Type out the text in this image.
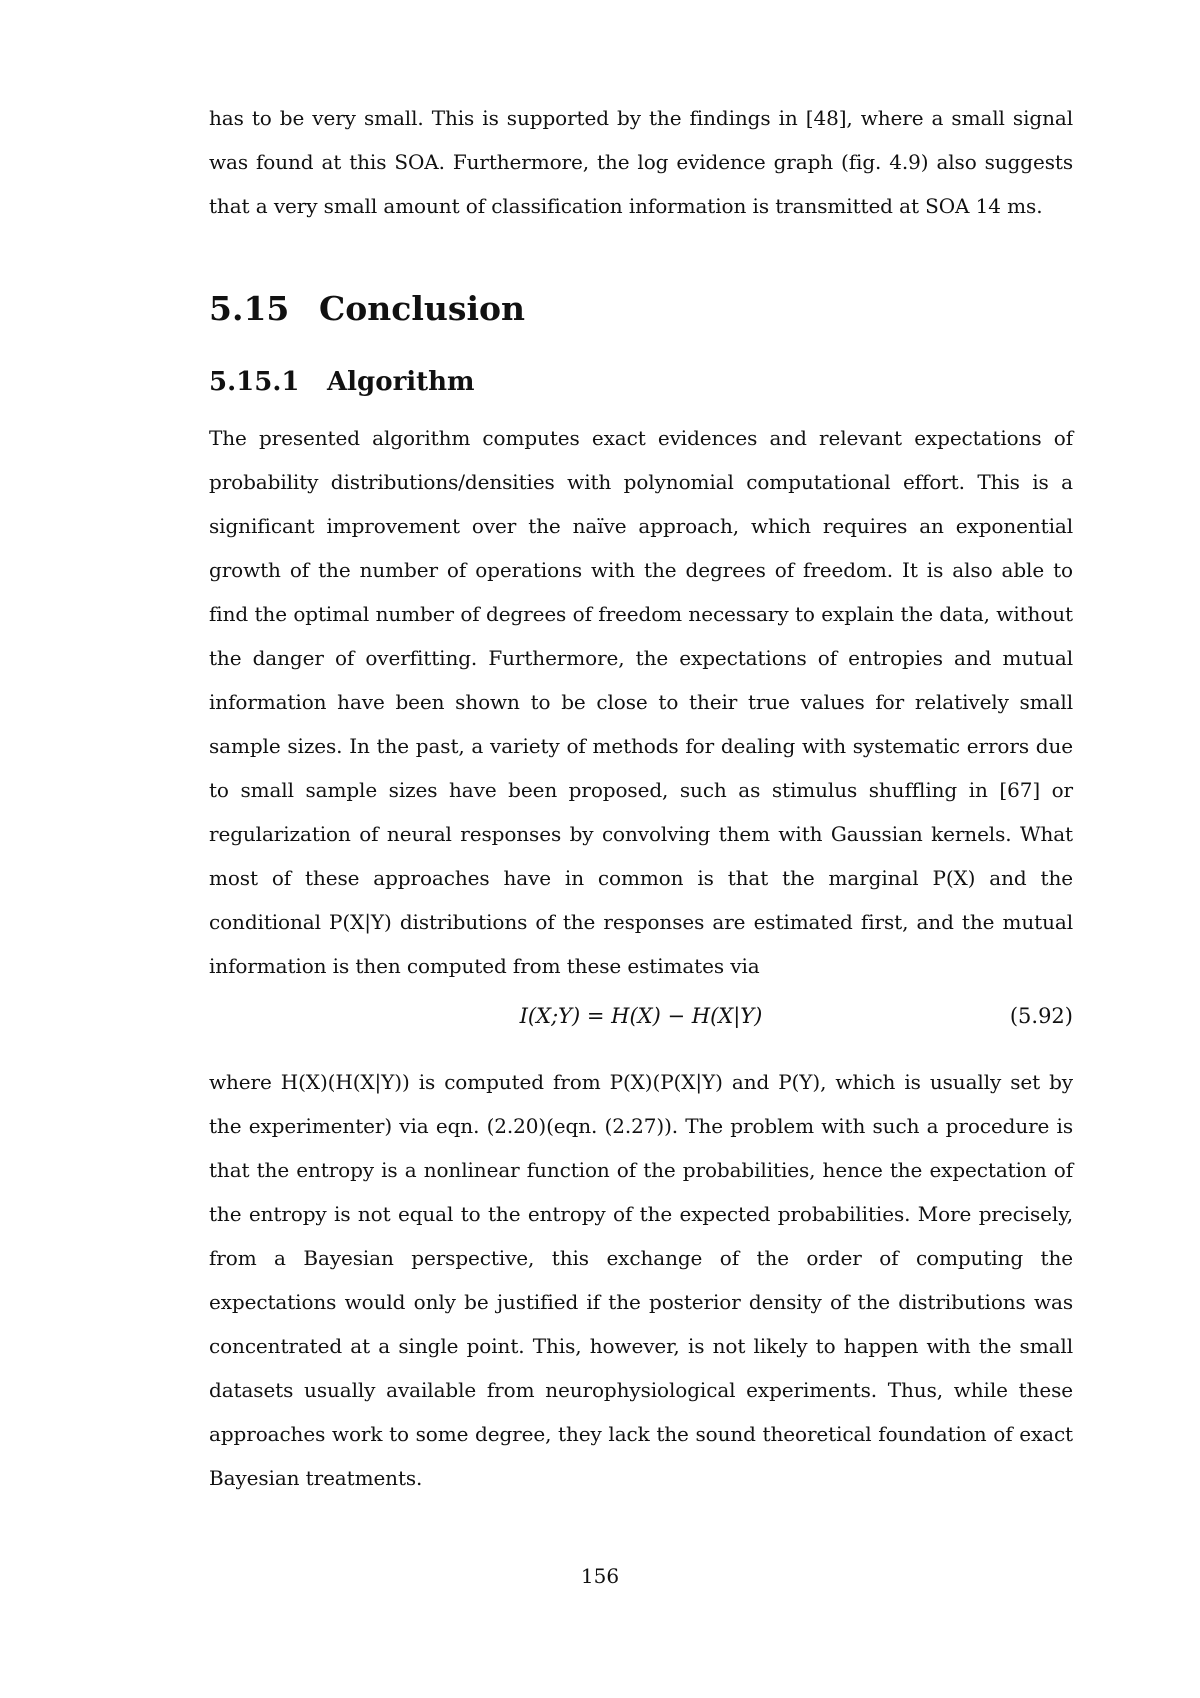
has to be very small. This is supported by the findings in [48], where a small signal was found at this SOA. Furthermore, the log evidence graph (fig. 4.9) also suggests that a very small amount of classification information is transmitted at SOA 14 ms.

5.15 Conclusion
5.15.1	Algorithm

The presented algorithm computes exact evidences and relevant expectations of probability distributions/densities with polynomial computational effort. This is a significant improvement over the naïve approach, which requires an exponential growth of the number of operations with the degrees of freedom. It is also able to find the optimal number of degrees of freedom necessary to explain the data, without the danger of overfitting. Furthermore, the expectations of entropies and mutual information have been shown to be close to their true values for relatively small sample sizes. In the past, a variety of methods for dealing with systematic errors due to small sample sizes have been proposed, such as stimulus shuffling in [67] or regularization of neural responses by convolving them with Gaussian kernels. What most of these approaches have in common is that the marginal P(X) and the conditional P(X|Y) distributions of the responses are estimated first, and the mutual information is then computed from these estimates via

I(X;Y) = H(X) − H(X|Y)	(5.92)

where H(X)(H(X|Y)) is computed from P(X)(P(X|Y) and P(Y), which is usually set by the experimenter) via eqn. (2.20)(eqn. (2.27)). The problem with such a procedure is that the entropy is a nonlinear function of the probabilities, hence the expectation of the entropy is not equal to the entropy of the expected probabilities. More precisely, from a Bayesian perspective, this exchange of the order of computing the expectations would only be justified if the posterior density of the distributions was concentrated at a single point. This, however, is not likely to happen with the small datasets usually available from neurophysiological experiments. Thus, while these approaches work to some degree, they lack the sound theoretical foundation of exact Bayesian treatments.

156
